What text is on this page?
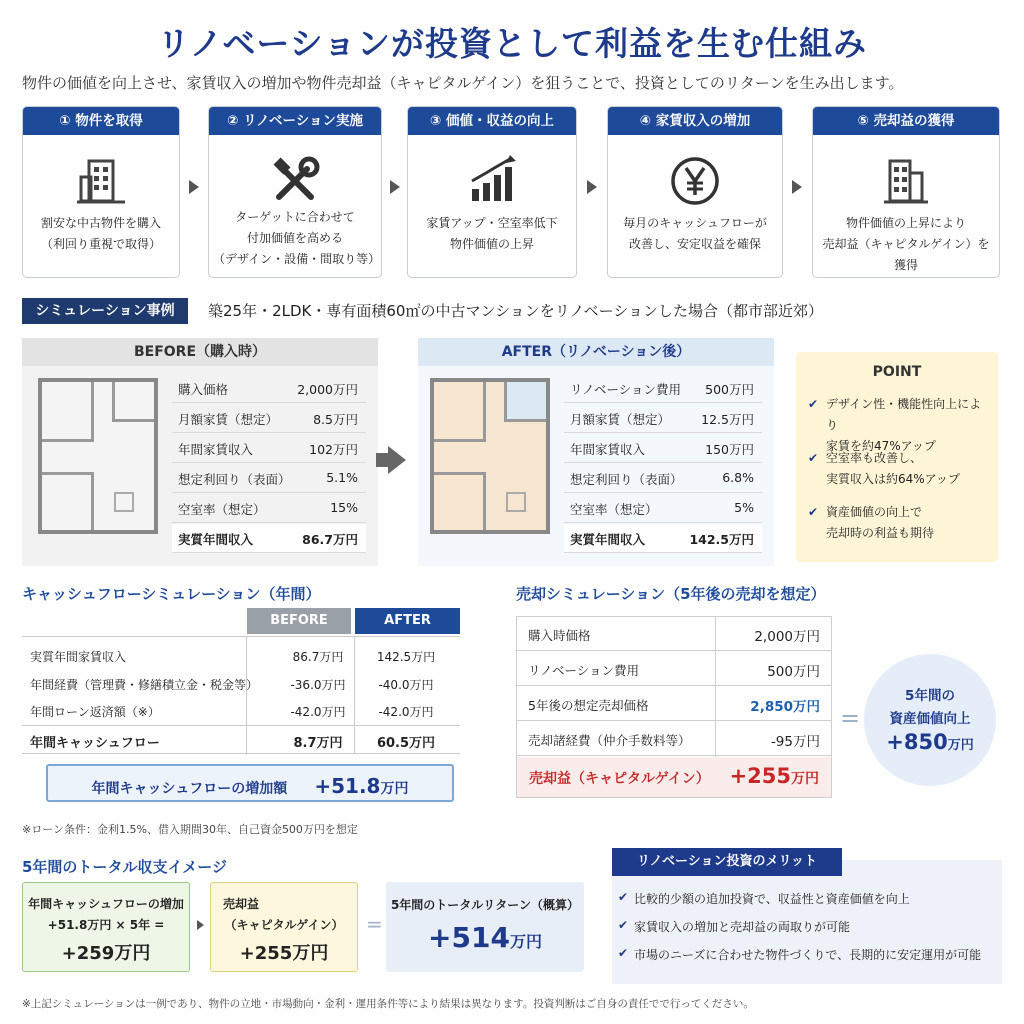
リノベーションが投資として利益を生む仕組み
物件の価値を向上させ、家賃収入の増加や物件売却益（キャピタルゲイン）を狙うことで、投資としてのリターンを生み出します。
① 物件を取得
割安な中古物件を購入
（利回り重視で取得）
② リノベーション実施
ターゲットに合わせて
付加価値を高める
（デザイン・設備・間取り等）
③ 価値・収益の向上
家賃アップ・空室率低下
物件価値の上昇
④ 家賃収入の増加
毎月のキャッシュフローが
改善し、安定収益を確保
⑤ 売却益の獲得
物件価値の上昇により
売却益（キャピタルゲイン）を獲得
シミュレーション事例	築25年・2LDK・専有面積60㎡の中古マンションをリノベーションした場合（都市部近郊）
BEFORE（購入時）
購入価格	2,000万円
月額家賃（想定）	8.5万円
年間家賃収入	102万円
想定利回り（表面）	5.1%
空室率（想定）	15%
実質年間収入	86.7万円
AFTER（リノベーション後）
リノベーション費用 500万円
月額家賃（想定） 12.5万円
年間家賃収入	150万円
想定利回り（表面）	6.8%
空室率（想定）	5%
実質年間収入	142.5万円
POINT
✔ デザイン性・機能性向上により
家賃を約47%アップ
✔ 空室率も改善し、
実質収入は約64%アップ
✔ 資産価値の向上で
売却時の利益も期待
キャッシュフローシミュレーション（年間）
BEFORE	AFTER
実質年間家賃収入	86.7万円	142.5万円
年間経費（管理費・修繕積立金・税金等）	-36.0万円	-40.0万円
年間ローン返済額（※）	-42.0万円	-42.0万円
年間キャッシュフロー	8.7万円	60.5万円
年間キャッシュフローの増加額 +51.8万円
※ローン条件：金利1.5%、借入期間30年、自己資金500万円を想定
売却シミュレーション（5年後の売却を想定）
購入時価格	2,000万円
リノベーション費用	500万円
5年後の想定売却価格	2,850万円
売却諸経費（仲介手数料等）	-95万円
売却益（キャピタルゲイン） +255万円
=
5年間の
資産価値向上
+850万円
5年間のトータル収支イメージ
年間キャッシュフローの増加
+51.8万円 × 5年 =
+259万円
売却益
（キャピタルゲイン）
+255万円
=
5年間のトータルリターン（概算）
+514万円
リノベーション投資のメリット
✔ 比較的少額の追加投資で、収益性と資産価値を向上
✔ 家賃収入の増加と売却益の両取りが可能
✔ 市場のニーズに合わせた物件づくりで、長期的に安定運用が可能
※上記シミュレーションは一例であり、物件の立地・市場動向・金利・運用条件等により結果は異なります。投資判断はご自身の責任でで行ってください。
